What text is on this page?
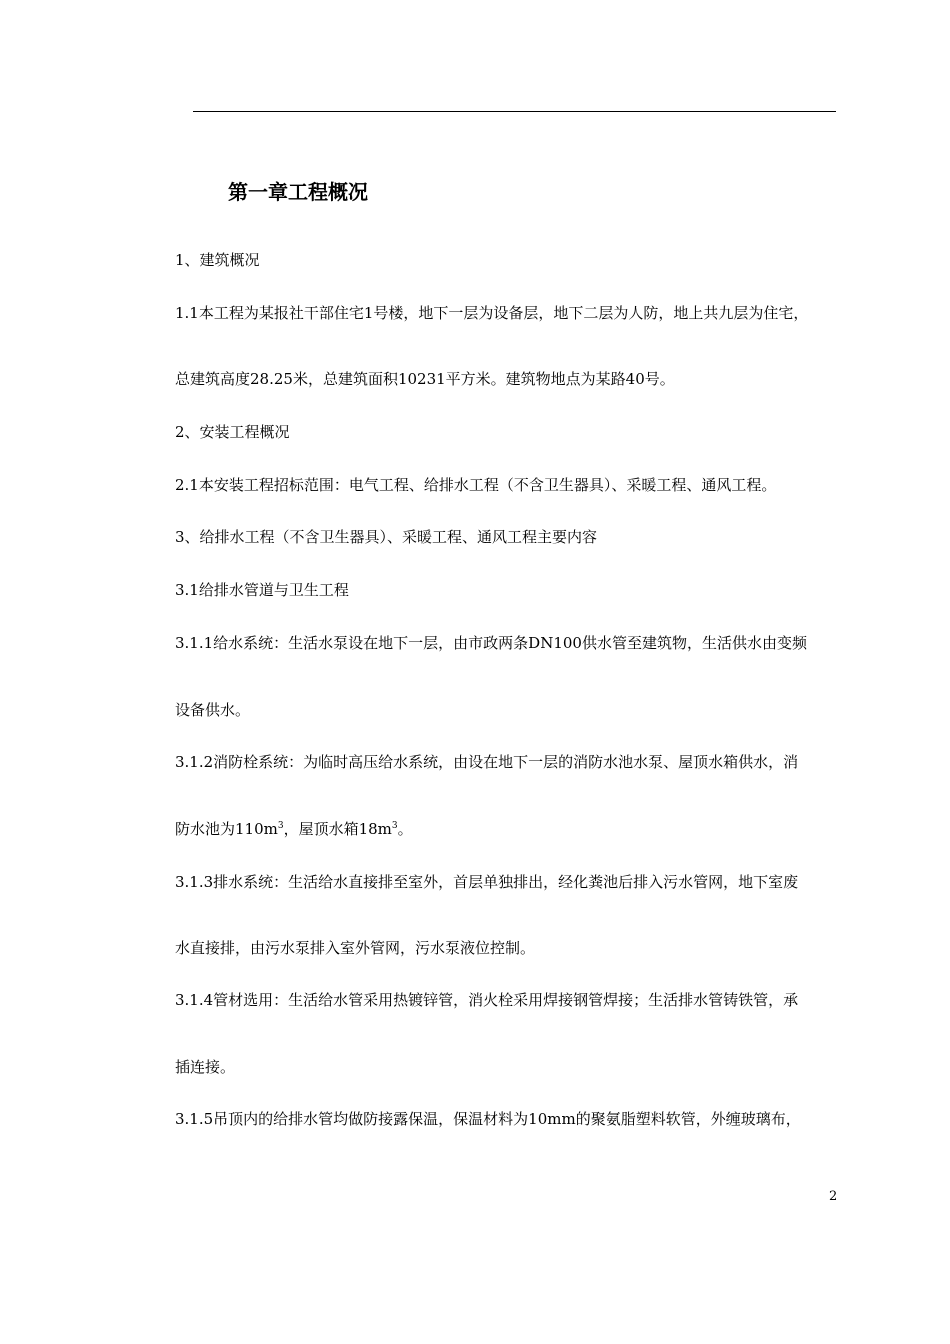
第一章工程概况

1、建筑概况

1.1本工程为某报社干部住宅1号楼，地下一层为设备层，地下二层为人防，地上共九层为住宅，

总建筑高度28.25米，总建筑面积10231平方米。建筑物地点为某路40号。

2、安装工程概况

2.1本安装工程招标范围：电气工程、给排水工程（不含卫生器具）、采暖工程、通风工程。

3、给排水工程（不含卫生器具）、采暖工程、通风工程主要内容

3.1给排水管道与卫生工程

3.1.1给水系统：生活水泵设在地下一层，由市政两条DN100供水管至建筑物，生活供水由变频

设备供水。

3.1.2消防栓系统：为临时高压给水系统，由设在地下一层的消防水池水泵、屋顶水箱供水，消

防水池为$110m^3$，屋顶水箱$18m^3$。

3.1.3排水系统：生活给水直接排至室外，首层单独排出，经化粪池后排入污水管网，地下室废

水直接排，由污水泵排入室外管网，污水泵液位控制。

3.1.4管材选用：生活给水管采用热镀锌管，消火栓采用焊接钢管焊接；生活排水管铸铁管，承

插连接。

3.1.5吊顶内的给排水管均做防接露保温，保温材料为10mm的聚氨脂塑料软管，外缠玻璃布，

2
